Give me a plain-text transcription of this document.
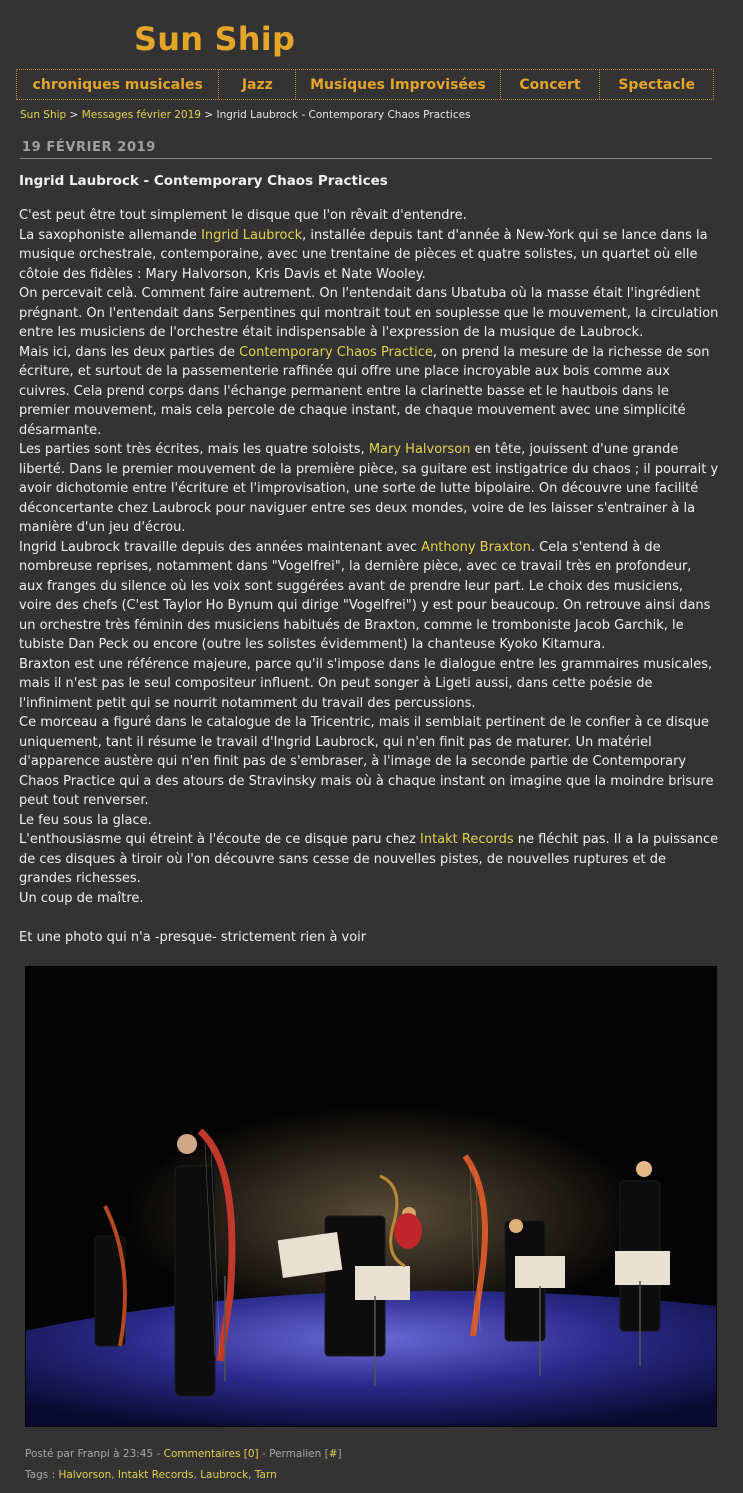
Sun Ship
chroniques musicales	Jazz	Musiques Improvisées	Concert	Spectacle
Sun Ship > Messages février 2019 > Ingrid Laubrock - Contemporary Chaos Practices
19 FÉVRIER 2019
Ingrid Laubrock - Contemporary Chaos Practices

C'est peut être tout simplement le disque que l'on rêvait d'entendre.

La saxophoniste allemande Ingrid Laubrock, installée depuis tant d'année à New-York qui se lance dans la musique orchestrale, contemporaine, avec une trentaine de pièces et quatre solistes, un quartet où elle côtoie des fidèles : Mary Halvorson, Kris Davis et Nate Wooley.

On percevait celà. Comment faire autrement. On l'entendait dans Ubatuba où la masse était l'ingrédient prégnant. On l'entendait dans Serpentines qui montrait tout en souplesse que le mouvement, la circulation entre les musiciens de l'orchestre était indispensable à l'expression de la musique de Laubrock.

Mais ici, dans les deux parties de Contemporary Chaos Practice, on prend la mesure de la richesse de son écriture, et surtout de la passementerie raffinée qui offre une place incroyable aux bois comme aux cuivres. Cela prend corps dans l'échange permanent entre la clarinette basse et le hautbois dans le premier mouvement, mais cela percole de chaque instant, de chaque mouvement avec une simplicité désarmante.

Les parties sont très écrites, mais les quatre soloists, Mary Halvorson en tête, jouissent d'une grande liberté. Dans le premier mouvement de la première pièce, sa guitare est instigatrice du chaos ; il pourrait y avoir dichotomie entre l'écriture et l'improvisation, une sorte de lutte bipolaire. On découvre une facilité déconcertante chez Laubrock pour naviguer entre ses deux mondes, voire de les laisser s'entrainer à la manière d'un jeu d'écrou.

Ingrid Laubrock travaille depuis des années maintenant avec Anthony Braxton. Cela s'entend à de nombreuse reprises, notamment dans "Vogelfrei", la dernière pièce, avec ce travail très en profondeur, aux franges du silence où les voix sont suggérées avant de prendre leur part. Le choix des musiciens, voire des chefs (C'est Taylor Ho Bynum qui dirige "Vogelfrei") y est pour beaucoup. On retrouve ainsi dans un orchestre très féminin des musiciens habitués de Braxton, comme le tromboniste Jacob Garchik, le tubiste Dan Peck ou encore (outre les solistes évidemment) la chanteuse Kyoko Kitamura.

Braxton est une référence majeure, parce qu'il s'impose dans le dialogue entre les grammaires musicales, mais il n'est pas le seul compositeur influent. On peut songer à Ligeti aussi, dans cette poésie de l'infiniment petit qui se nourrit notamment du travail des percussions.

Ce morceau a figuré dans le catalogue de la Tricentric, mais il semblait pertinent de le confier à ce disque uniquement, tant il résume le travail d'Ingrid Laubrock, qui n'en finit pas de maturer. Un matériel d'apparence austère qui n'en finit pas de s'embraser, à l'image de la seconde partie de Contemporary Chaos Practice qui a des atours de Stravinsky mais où à chaque instant on imagine que la moindre brisure peut tout renverser.

Le feu sous la glace.

L'enthousiasme qui étreint à l'écoute de ce disque paru chez Intakt Records ne fléchit pas. Il a la puissance de ces disques à tiroir où l'on découvre sans cesse de nouvelles pistes, de nouvelles ruptures et de grandes richesses.

Un coup de maître.

Et une photo qui n'a -presque- strictement rien à voir

Posté par Franpi à 23:45 - Commentaires [0] - Permalien [#]
Tags : Halvorson, Intakt Records, Laubrock, Tarn
